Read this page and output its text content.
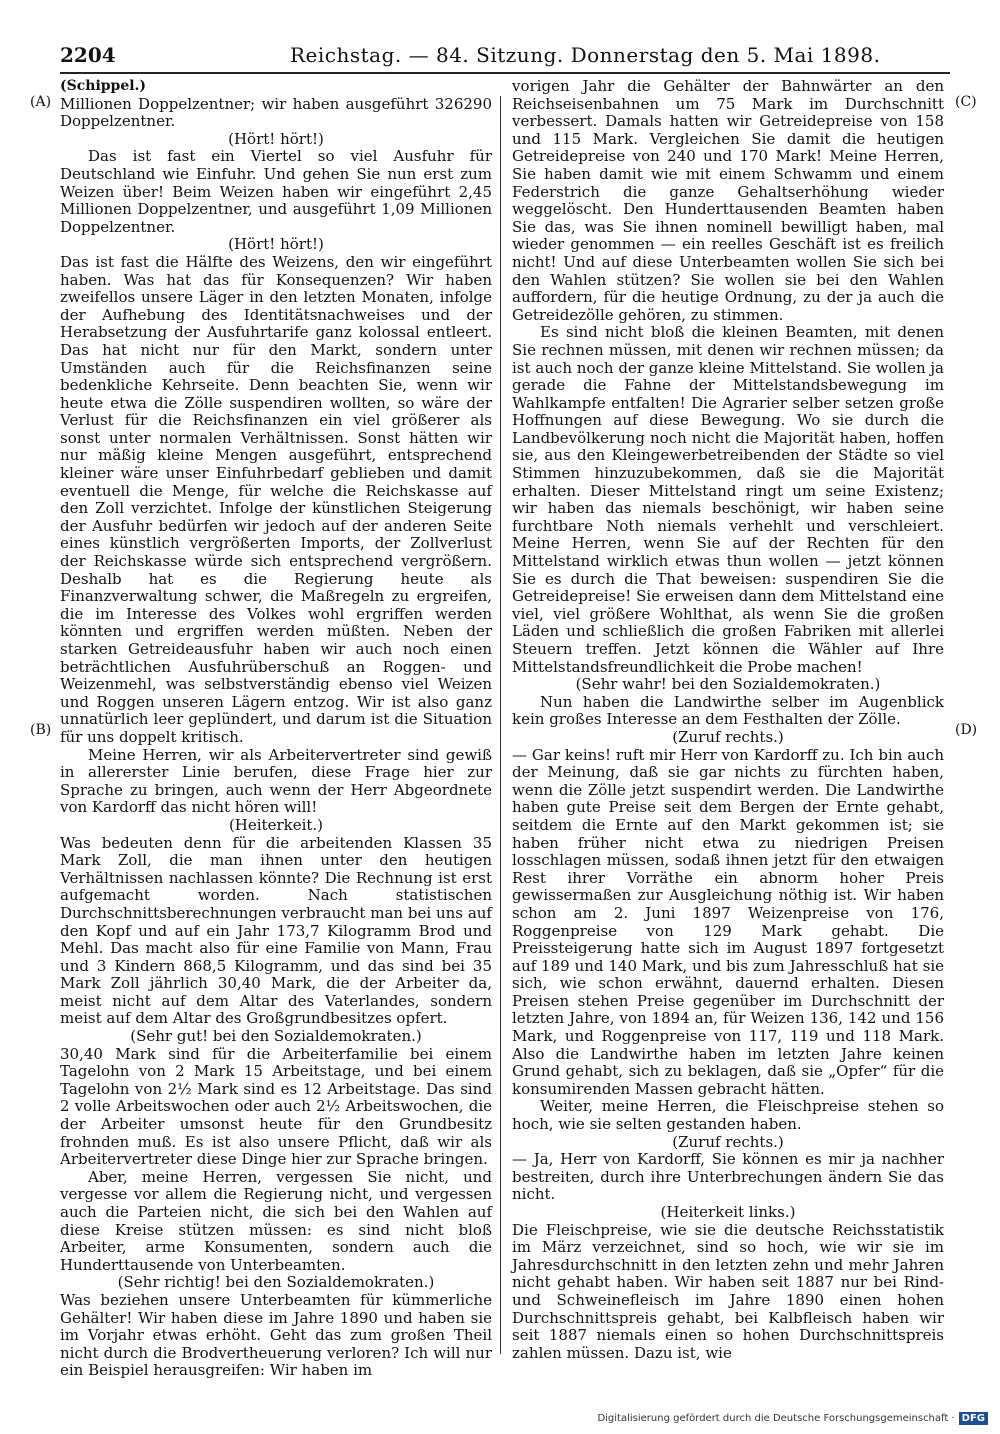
2204	Reichstag. — 84. Sitzung. Donnerstag den 5. Mai 1898.
(A)
(B)
(C)
(D)

(Schippel.)

Millionen Doppelzentner; wir haben ausgeführt 326290 Doppelzentner.

(Hört! hört!)

Das ist fast ein Viertel so viel Ausfuhr für Deutschland wie Einfuhr. Und gehen Sie nun erst zum Weizen über! Beim Weizen haben wir eingeführt 2,45 Millionen Doppelzentner, und ausgeführt 1,09 Millionen Doppelzentner.

(Hört! hört!)

Das ist fast die Hälfte des Weizens, den wir eingeführt haben. Was hat das für Konsequenzen? Wir haben zweifellos unsere Läger in den letzten Monaten, infolge der Aufhebung des Identitätsnachweises und der Herabsetzung der Ausfuhrtarife ganz kolossal entleert. Das hat nicht nur für den Markt, sondern unter Umständen auch für die Reichsfinanzen seine bedenkliche Kehrseite. Denn beachten Sie, wenn wir heute etwa die Zölle suspendiren wollten, so wäre der Verlust für die Reichsfinanzen ein viel größerer als sonst unter normalen Verhältnissen. Sonst hätten wir nur mäßig kleine Mengen ausgeführt, entsprechend kleiner wäre unser Einfuhrbedarf geblieben und damit eventuell die Menge, für welche die Reichskasse auf den Zoll verzichtet. Infolge der künstlichen Steigerung der Ausfuhr bedürfen wir jedoch auf der anderen Seite eines künstlich vergrößerten Imports, der Zollverlust der Reichskasse würde sich entsprechend vergrößern. Deshalb hat es die Regierung heute als Finanzverwaltung schwer, die Maßregeln zu ergreifen, die im Interesse des Volkes wohl ergriffen werden könnten und ergriffen werden müßten. Neben der starken Getreideausfuhr haben wir auch noch einen beträchtlichen Ausfuhrüberschuß an Roggen- und Weizenmehl, was selbstverständig ebenso viel Weizen und Roggen unseren Lägern entzog. Wir ist also ganz unnatürlich leer geplündert, und darum ist die Situation für uns doppelt kritisch.

Meine Herren, wir als Arbeitervertreter sind gewiß in allererster Linie berufen, diese Frage hier zur Sprache zu bringen, auch wenn der Herr Abgeordnete von Kardorff das nicht hören will!

(Heiterkeit.)

Was bedeuten denn für die arbeitenden Klassen 35 Mark Zoll, die man ihnen unter den heutigen Verhältnissen nachlassen könnte? Die Rechnung ist erst aufgemacht worden. Nach statistischen Durchschnittsberechnungen verbraucht man bei uns auf den Kopf und auf ein Jahr 173,7 Kilogramm Brod und Mehl. Das macht also für eine Familie von Mann, Frau und 3 Kindern 868,5 Kilogramm, und das sind bei 35 Mark Zoll jährlich 30,40 Mark, die der Arbeiter da, meist nicht auf dem Altar des Vaterlandes, sondern meist auf dem Altar des Großgrundbesitzes opfert.

(Sehr gut! bei den Sozialdemokraten.)

30,40 Mark sind für die Arbeiterfamilie bei einem Tagelohn von 2 Mark 15 Arbeitstage, und bei einem Tagelohn von 2½ Mark sind es 12 Arbeitstage. Das sind 2 volle Arbeitswochen oder auch 2½ Arbeitswochen, die der Arbeiter umsonst heute für den Grundbesitz frohnden muß. Es ist also unsere Pflicht, daß wir als Arbeitervertreter diese Dinge hier zur Sprache bringen.

Aber, meine Herren, vergessen Sie nicht, und vergesse vor allem die Regierung nicht, und vergessen auch die Parteien nicht, die sich bei den Wahlen auf diese Kreise stützen müssen: es sind nicht bloß Arbeiter, arme Konsumenten, sondern auch die Hunderttausende von Unterbeamten.

(Sehr richtig! bei den Sozialdemokraten.)

Was beziehen unsere Unterbeamten für kümmerliche Gehälter! Wir haben diese im Jahre 1890 und haben sie im Vorjahr etwas erhöht. Geht das zum großen Theil nicht durch die Brodvertheuerung verloren? Ich will nur ein Beispiel herausgreifen: Wir haben im

vorigen Jahr die Gehälter der Bahnwärter an den Reichseisenbahnen um 75 Mark im Durchschnitt verbessert. Damals hatten wir Getreidepreise von 158 und 115 Mark. Vergleichen Sie damit die heutigen Getreidepreise von 240 und 170 Mark! Meine Herren, Sie haben damit wie mit einem Schwamm und einem Federstrich die ganze Gehaltserhöhung wieder weggelöscht. Den Hunderttausenden Beamten haben Sie das, was Sie ihnen nominell bewilligt haben, mal wieder genommen — ein reelles Geschäft ist es freilich nicht! Und auf diese Unterbeamten wollen Sie sich bei den Wahlen stützen? Sie wollen sie bei den Wahlen auffordern, für die heutige Ordnung, zu der ja auch die Getreidezölle gehören, zu stimmen.

Es sind nicht bloß die kleinen Beamten, mit denen Sie rechnen müssen, mit denen wir rechnen müssen; da ist auch noch der ganze kleine Mittelstand. Sie wollen ja gerade die Fahne der Mittelstandsbewegung im Wahlkampfe entfalten! Die Agrarier selber setzen große Hoffnungen auf diese Bewegung. Wo sie durch die Landbevölkerung noch nicht die Majorität haben, hoffen sie, aus den Kleingewerbetreibenden der Städte so viel Stimmen hinzuzubekommen, daß sie die Majorität erhalten. Dieser Mittelstand ringt um seine Existenz; wir haben das niemals beschönigt, wir haben seine furchtbare Noth niemals verhehlt und verschleiert. Meine Herren, wenn Sie auf der Rechten für den Mittelstand wirklich etwas thun wollen — jetzt können Sie es durch die That beweisen: suspendiren Sie die Getreidepreise! Sie erweisen dann dem Mittelstand eine viel, viel größere Wohlthat, als wenn Sie die großen Läden und schließlich die großen Fabriken mit allerlei Steuern treffen. Jetzt können die Wähler auf Ihre Mittelstandsfreundlichkeit die Probe machen!

(Sehr wahr! bei den Sozialdemokraten.)

Nun haben die Landwirthe selber im Augenblick kein großes Interesse an dem Festhalten der Zölle.

(Zuruf rechts.)

— Gar keins! ruft mir Herr von Kardorff zu. Ich bin auch der Meinung, daß sie gar nichts zu fürchten haben, wenn die Zölle jetzt suspendirt werden. Die Landwirthe haben gute Preise seit dem Bergen der Ernte gehabt, seitdem die Ernte auf den Markt gekommen ist; sie haben früher nicht etwa zu niedrigen Preisen losschlagen müssen, sodaß ihnen jetzt für den etwaigen Rest ihrer Vorräthe ein abnorm hoher Preis gewissermaßen zur Ausgleichung nöthig ist. Wir haben schon am 2. Juni 1897 Weizenpreise von 176, Roggenpreise von 129 Mark gehabt. Die Preissteigerung hatte sich im August 1897 fortgesetzt auf 189 und 140 Mark, und bis zum Jahresschluß hat sie sich, wie schon erwähnt, dauernd erhalten. Diesen Preisen stehen Preise gegenüber im Durchschnitt der letzten Jahre, von 1894 an, für Weizen 136, 142 und 156 Mark, und Roggenpreise von 117, 119 und 118 Mark. Also die Landwirthe haben im letzten Jahre keinen Grund gehabt, sich zu beklagen, daß sie „Opfer“ für die konsumirenden Massen gebracht hätten.

Weiter, meine Herren, die Fleischpreise stehen so hoch, wie sie selten gestanden haben.

(Zuruf rechts.)

— Ja, Herr von Kardorff, Sie können es mir ja nachher bestreiten, durch ihre Unterbrechungen ändern Sie das nicht.

(Heiterkeit links.)

Die Fleischpreise, wie sie die deutsche Reichsstatistik im März verzeichnet, sind so hoch, wie wir sie im Jahresdurchschnitt in den letzten zehn und mehr Jahren nicht gehabt haben. Wir haben seit 1887 nur bei Rind- und Schweinefleisch im Jahre 1890 einen hohen Durchschnittspreis gehabt, bei Kalbfleisch haben wir seit 1887 niemals einen so hohen Durchschnittspreis zahlen müssen. Dazu ist, wie

Digitalisierung gefördert durch die Deutsche Forschungsgemeinschaft · DFG
